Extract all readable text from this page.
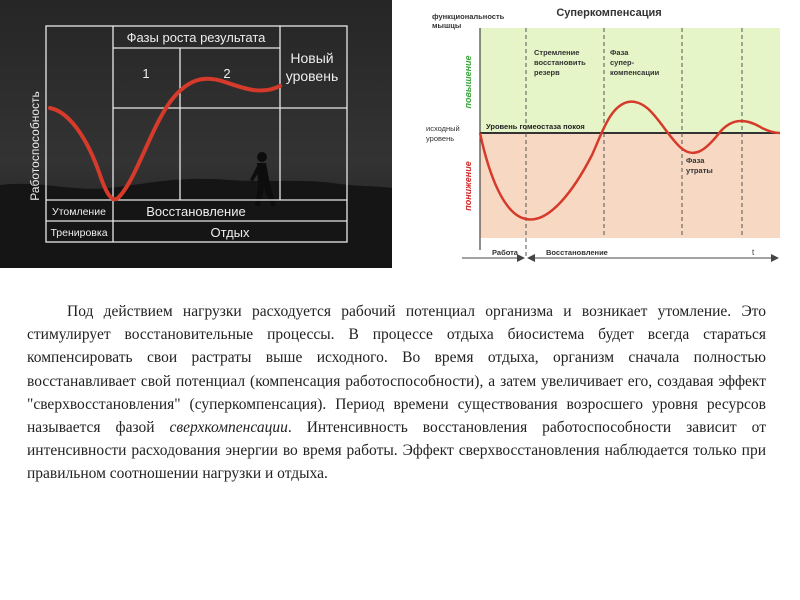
Фазы роста результата
1	2
Новый
уровень
Работоспособность
Утомление	Восстановление
Тренировка	Отдых
Суперкомпенсация
функциональность
мышцы
повышение
понижение
исходный
уровень
Уровень гомеостаза покоя
Стремление
восстановить
резерв
Фаза
супер-
компенсации
Фаза
утраты
Работа	Восстановление	t

Под действием нагрузки расходуется рабочий потенциал организма и возникает утомление. Это стимулирует восстановительные процессы. В процессе отдыха биосистема будет всегда стараться компенсировать свои растраты выше исходного. Во время отдыха, организм сначала полностью восстанавливает свой потенциал (компенсация работоспособности), а затем увеличивает его, создавая эффект "сверхвосстановления" (суперкомпенсация). Период времени существования возросшего уровня ресурсов называется фазой сверхкомпенсации. Интенсивность восстановления работоспособности зависит от интенсивности расходования энергии во время работы. Эффект сверхвосстановления наблюдается только при правильном соотношении нагрузки и отдыха.
